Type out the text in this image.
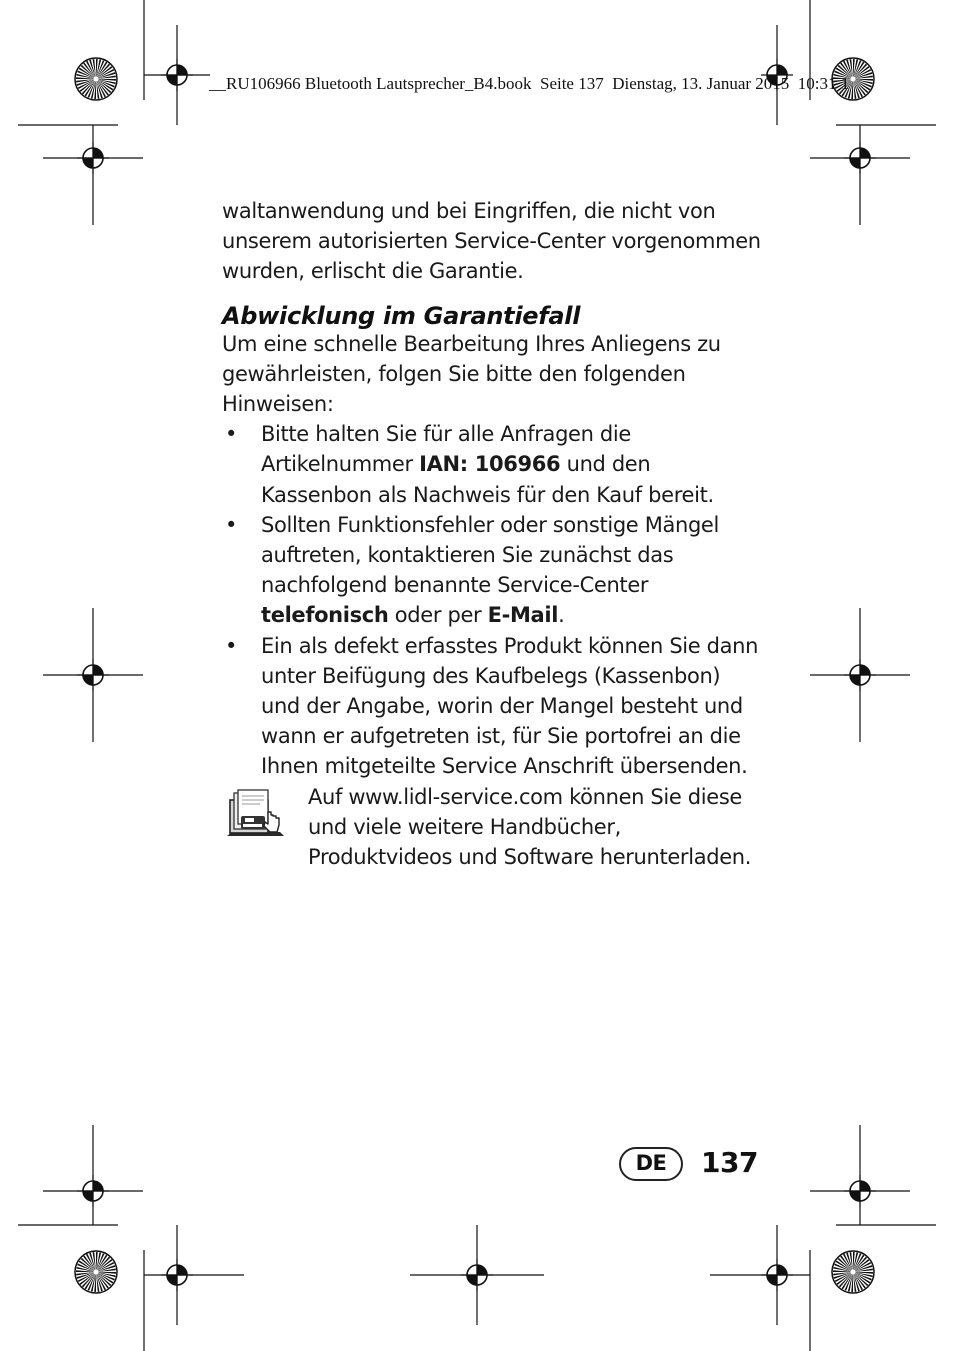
__RU106966 Bluetooth Lautsprecher_B4.book  Seite 137  Dienstag, 13. Januar 2015  10:31 1

waltanwendung und bei Eingriffen, die nicht von unserem autorisierten Service-Center vorgenommen wurden, erlischt die Garantie.

Abwicklung im Garantiefall

Um eine schnelle Bearbeitung Ihres Anliegens zu gewährleisten, folgen Sie bitte den folgenden Hinweisen:

• Bitte halten Sie für alle Anfragen die Artikelnummer IAN: 106966 und den Kassenbon als Nachweis für den Kauf bereit.
• Sollten Funktionsfehler oder sonstige Mängel auftreten, kontaktieren Sie zunächst das nachfolgend benannte Service-Center telefonisch oder per E-Mail.
• Ein als defekt erfasstes Produkt können Sie dann unter Beifügung des Kaufbelegs (Kassenbon) und der Angabe, worin der Mangel besteht und wann er aufgetreten ist, für Sie portofrei an die Ihnen mitgeteilte Service Anschrift übersenden.

Auf www.lidl-service.com können Sie diese und viele weitere Handbücher, Produktvideos und Software herunterladen.

DE	137
